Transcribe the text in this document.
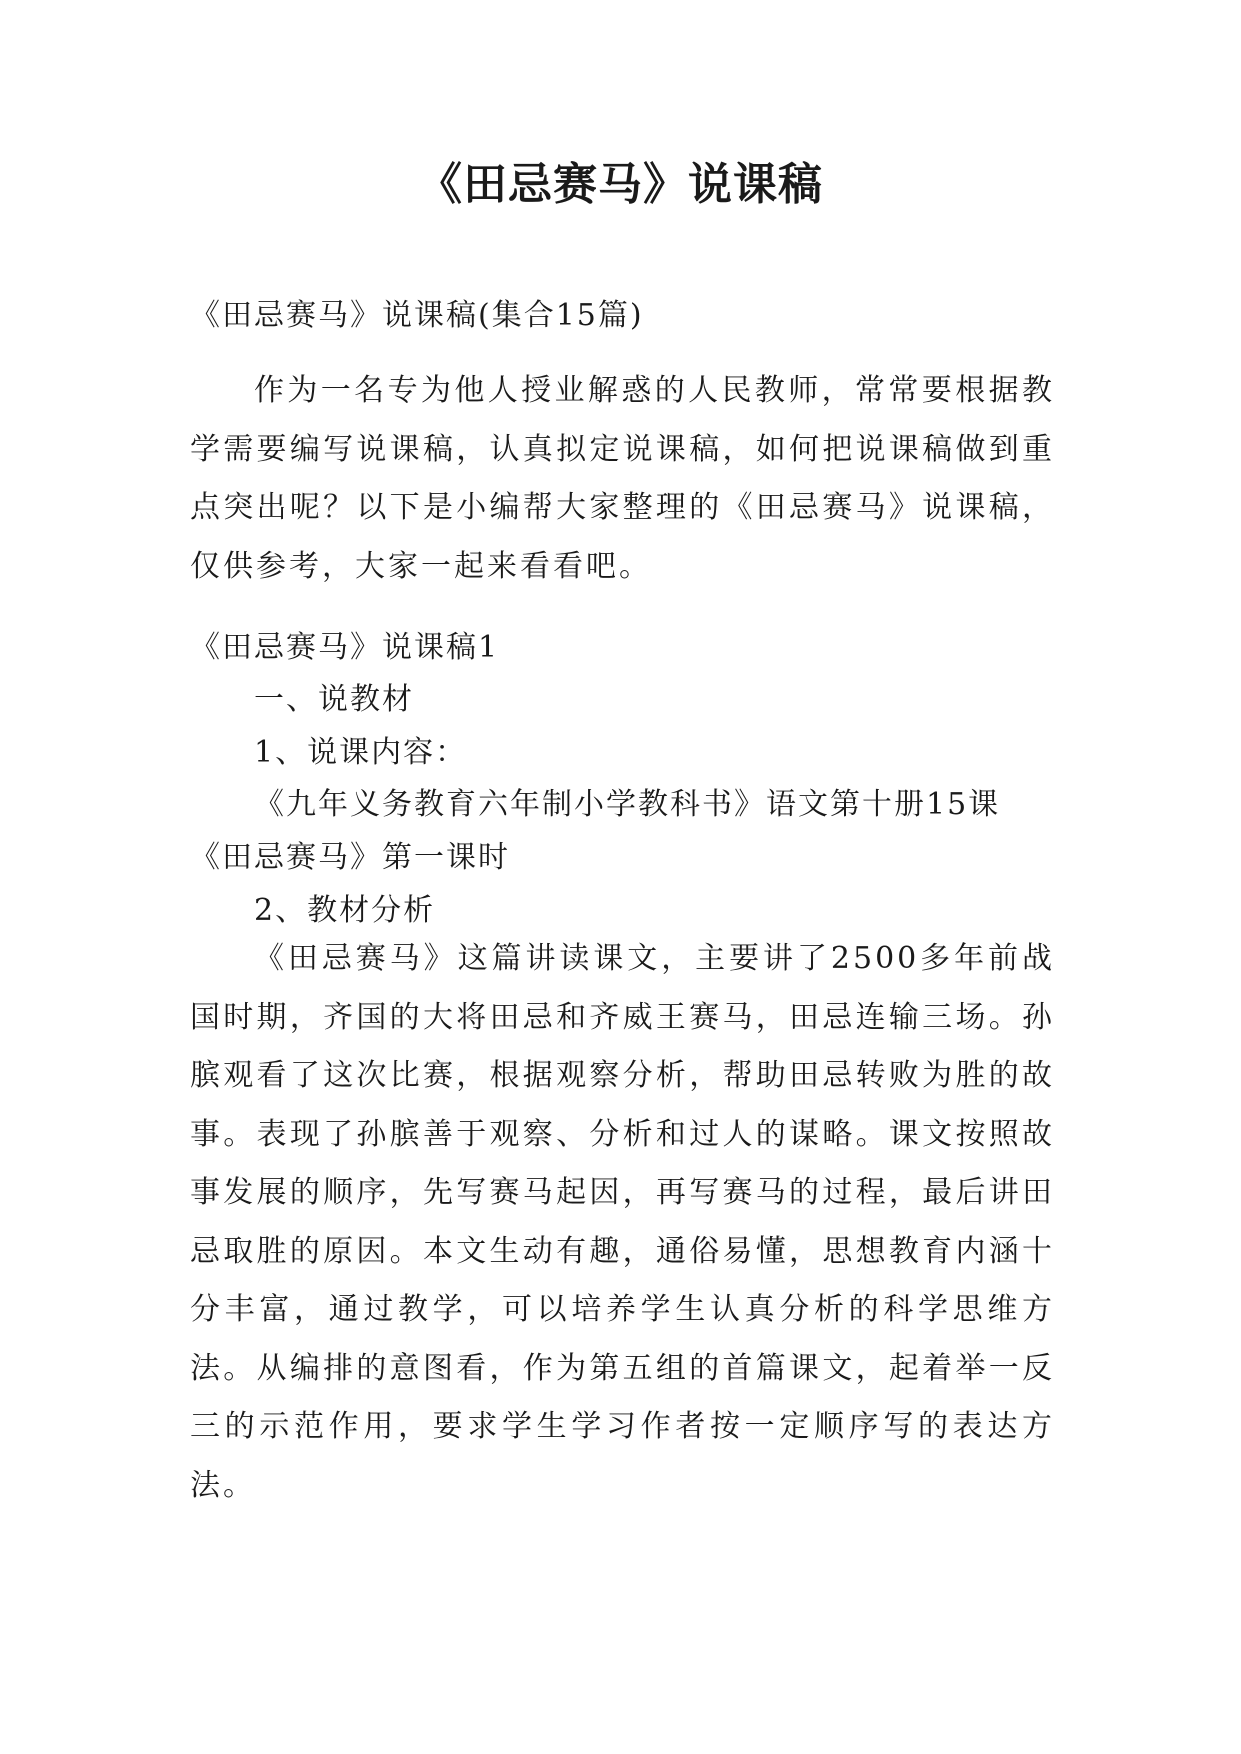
《田忌赛马》说课稿
《田忌赛马》说课稿(集合15篇)
作为一名专为他人授业解惑的人民教师，常常要根据教学需要编写说课稿，认真拟定说课稿，如何把说课稿做到重点突出呢？以下是小编帮大家整理的《田忌赛马》说课稿，仅供参考，大家一起来看看吧。
《田忌赛马》说课稿1
一、说教材
1、说课内容：
《九年义务教育六年制小学教科书》语文第十册15课
《田忌赛马》第一课时
2、教材分析
《田忌赛马》这篇讲读课文，主要讲了2500多年前战国时期，齐国的大将田忌和齐威王赛马，田忌连输三场。孙膑观看了这次比赛，根据观察分析，帮助田忌转败为胜的故事。表现了孙膑善于观察、分析和过人的谋略。课文按照故事发展的顺序，先写赛马起因，再写赛马的过程，最后讲田忌取胜的原因。本文生动有趣，通俗易懂，思想教育内涵十分丰富，通过教学，可以培养学生认真分析的科学思维方法。从编排的意图看，作为第五组的首篇课文，起着举一反三的示范作用，要求学生学习作者按一定顺序写的表达方法。
